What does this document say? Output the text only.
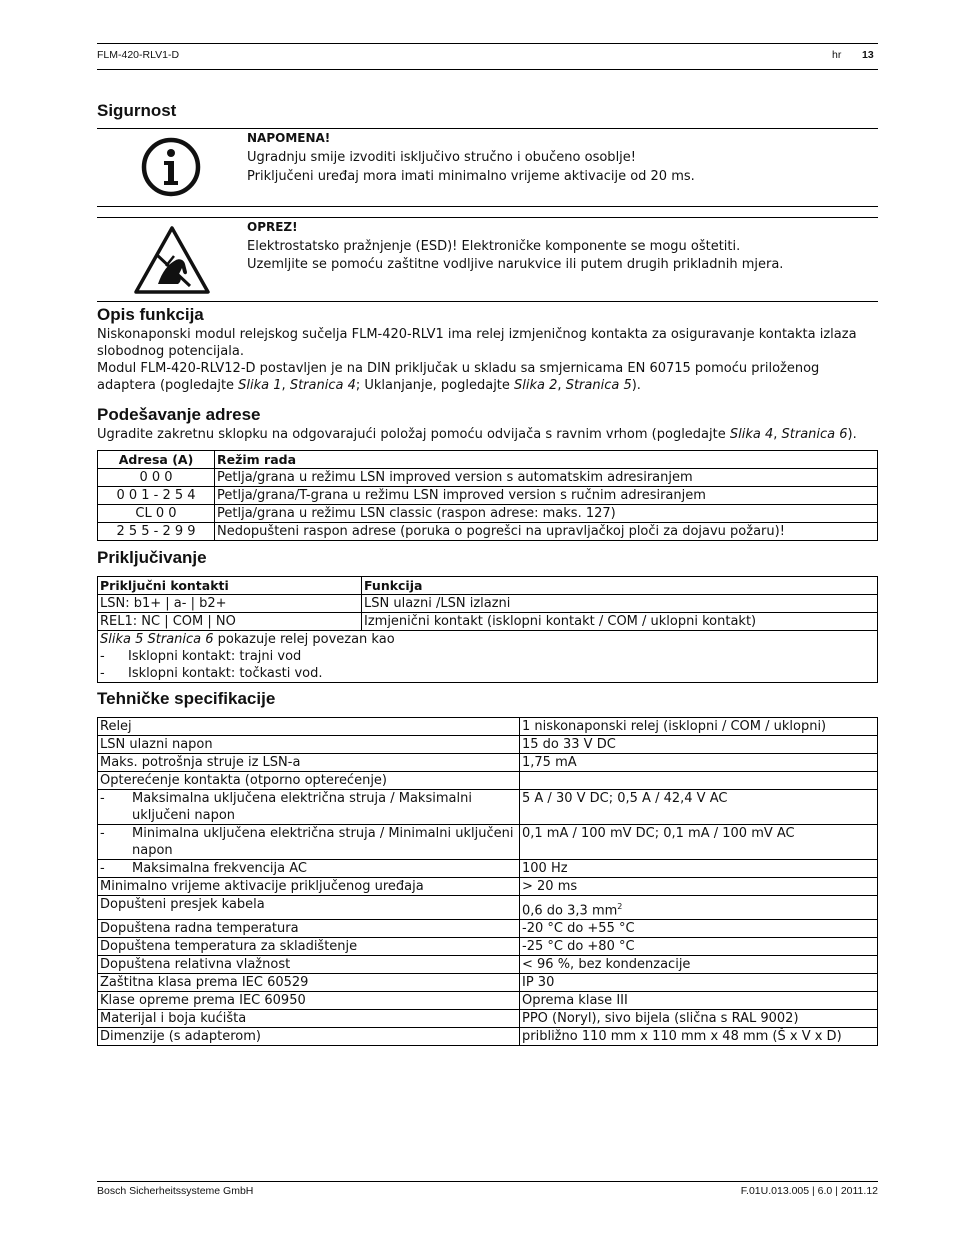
FLM-420-RLV1-D	hr 13
Sigurnost
NAPOMENA!
Ugradnju smije izvoditi isključivo stručno i obučeno osoblje!
Priključeni uređaj mora imati minimalno vrijeme aktivacije od 20 ms.
OPREZ!
Elektrostatsko pražnjenje (ESD)! Elektroničke komponente se mogu oštetiti.
Uzemljite se pomoću zaštitne vodljive narukvice ili putem drugih prikladnih mjera.
Opis funkcija
Niskonaponski modul relejskog sučelja FLM-420-RLV1 ima relej izmjeničnog kontakta za osiguravanje kontakta izlaza slobodnog potencijala.
Modul FLM-420-RLV12-D postavljen je na DIN priključak u skladu sa smjernicama EN 60715 pomoću priloženog adaptera (pogledajte Slika 1, Stranica 4; Uklanjanje, pogledajte Slika 2, Stranica 5).
Podešavanje adrese
Ugradite zakretnu sklopku na odgovarajući položaj pomoću odvijača s ravnim vrhom (pogledajte Slika 4, Stranica 6).
Adresa (A)	Režim rada
0 0 0	Petlja/grana u režimu LSN improved version s automatskim adresiranjem
0 0 1 - 2 5 4	Petlja/grana/T-grana u režimu LSN improved version s ručnim adresiranjem
CL 0 0	Petlja/grana u režimu LSN classic (raspon adrese: maks. 127)
2 5 5 - 2 9 9	Nedopušteni raspon adrese (poruka o pogrešci na upravljačkoj ploči za dojavu požaru)!
Priključivanje
Priključni kontakti	Funkcija
LSN: b1+ | a- | b2+	LSN ulazni /LSN izlazni
REL1: NC | COM | NO	Izmjenični kontakt (isklopni kontakt / COM / uklopni kontakt)

Slika 5 Stranica 6 pokazuje relej povezan kao
- Isklopni kontakt: trajni vod
- Isklopni kontakt: točkasti vod.	
Tehničke specifikacije
Relej	1 niskonaponski relej (isklopni / COM / uklopni)
LSN ulazni napon	15 do 33 V DC
Maks. potrošnja struje iz LSN-a	1,75 mA
Opterećenje kontakta (otporno opterećenje)	

- Maksimalna uključena električna struja / Maksimalni uključeni napon	5 A / 30 V DC; 0,5 A / 42,4 V AC

- Minimalna uključena električna struja / Minimalni uključeni napon	0,1 mA / 100 mV DC; 0,1 mA / 100 mV AC

- Maksimalna frekvencija AC	100 Hz
Minimalno vrijeme aktivacije priključenog uređaja	> 20 ms
Dopušteni presjek kabela	0,6 do 3,3 $mm^2$
Dopuštena radna temperatura	-20 °C do +55 °C
Dopuštena temperatura za skladištenje	-25 °C do +80 °C
Dopuštena relativna vlažnost	< 96 %, bez kondenzacije
Zaštitna klasa prema IEC 60529	IP 30
Klase opreme prema IEC 60950	Oprema klase III
Materijal i boja kućišta	PPO (Noryl), sivo bijela (slična s RAL 9002)
Dimenzije (s adapterom)	približno 110 mm x 110 mm x 48 mm (Š x V x D)
Bosch Sicherheitssysteme GmbH	F.01U.013.005 | 6.0 | 2011.12
